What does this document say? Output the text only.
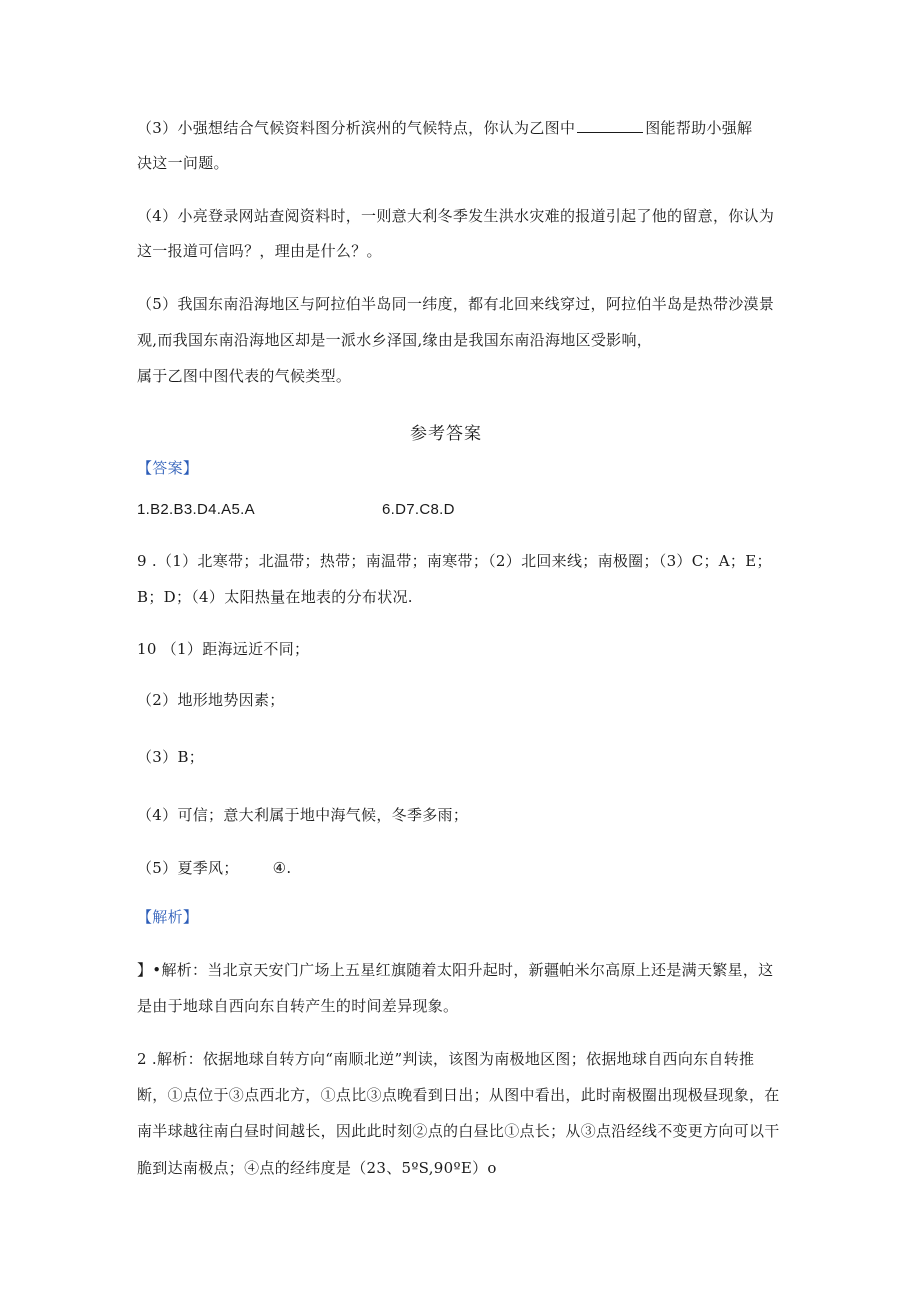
（3）小强想结合气候资料图分析滨州的气候特点，你认为乙图中	图能帮助小强解
决这一问题。
（4）小亮登录网站查阅资料时，一则意大利冬季发生洪水灾难的报道引起了他的留意，你认为
这一报道可信吗？，理由是什么？。
（5）我国东南沿海地区与阿拉伯半岛同一纬度，都有北回来线穿过，阿拉伯半岛是热带沙漠景
观,而我国东南沿海地区却是一派水乡泽国,缘由是我国东南沿海地区受影响，
属于乙图中图代表的气候类型。
参考答案
【答案】
1.B2.B3.D4.A5.A	6.D7.C8.D
9 .（1）北寒带；北温带；热带；南温带；南寒带；（2）北回来线；南极圈；（3）C；A；E；
B；D；（4）太阳热量在地表的分布状况.
10 （1）距海远近不同；
（2）地形地势因素；
（3）B；
（4）可信；意大利属于地中海气候，冬季多雨；
（5）夏季风； ④.
【解析】
】•解析：当北京天安门广场上五星红旗随着太阳升起时，新疆帕米尔高原上还是满天繁星，这
是由于地球自西向东自转产生的时间差异现象。
2 .解析：依据地球自转方向“南顺北逆”判读，该图为南极地区图；依据地球自西向东自转推
断，①点位于③点西北方，①点比③点晚看到日出；从图中看出，此时南极圈出现极昼现象，在
南半球越往南白昼时间越长，因此此时刻②点的白昼比①点长；从③点沿经线不变更方向可以干
脆到达南极点；④点的经纬度是（23、5ºS,90ºE）o
